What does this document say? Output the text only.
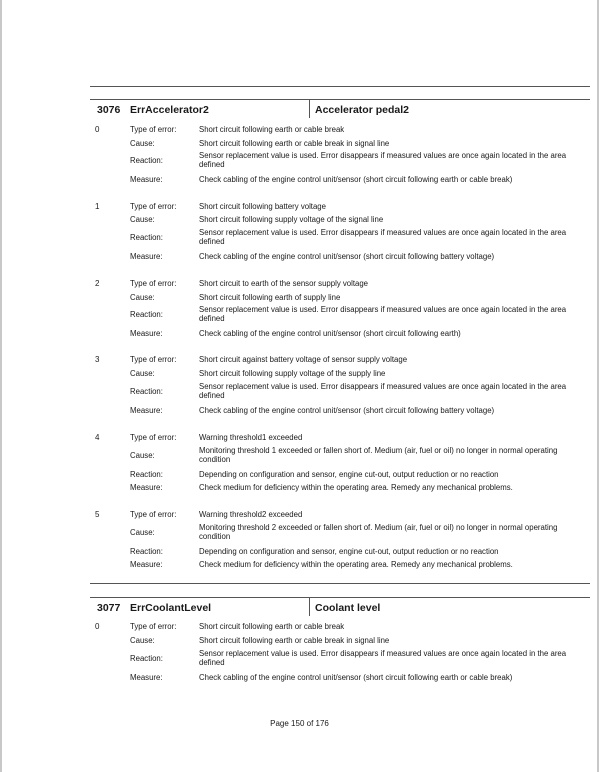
3076 ErrAccelerator2	Accelerator pedal2
0	Type of error:	Short circuit following earth or cable break
Cause:	Short circuit following earth or cable break in signal line
Reaction:
Sensor replacement value is used. Error disappears if measured values are once again located in the area defined
Measure:	Check cabling of the engine control unit/sensor (short circuit following earth or cable break)
1	Type of error:	Short circuit following battery voltage
Cause:	Short circuit following supply voltage of the signal line
Reaction:
Sensor replacement value is used. Error disappears if measured values are once again located in the area defined
Measure:	Check cabling of the engine control unit/sensor (short circuit following battery voltage)
2	Type of error:	Short circuit to earth of the sensor supply voltage
Cause:	Short circuit following earth of supply line
Reaction:
Sensor replacement value is used. Error disappears if measured values are once again located in the area defined
Measure:	Check cabling of the engine control unit/sensor (short circuit following earth)
3	Type of error:	Short circuit against battery voltage of sensor supply voltage
Cause:	Short circuit following supply voltage of the supply line
Reaction:
Sensor replacement value is used. Error disappears if measured values are once again located in the area defined
Measure:	Check cabling of the engine control unit/sensor (short circuit following battery voltage)
4	Type of error:	Warning threshold1 exceeded
Cause:
Monitoring threshold 1 exceeded or fallen short of. Medium (air, fuel or oil) no longer in normal operating condition
Reaction:	Depending on configuration and sensor, engine cut-out, output reduction or no reaction
Measure:	Check medium for deficiency within the operating area. Remedy any mechanical problems.
5	Type of error:	Warning threshold2 exceeded
Cause:
Monitoring threshold 2 exceeded or fallen short of. Medium (air, fuel or oil) no longer in normal operating condition
Reaction:	Depending on configuration and sensor, engine cut-out, output reduction or no reaction
Measure:	Check medium for deficiency within the operating area. Remedy any mechanical problems.
3077 ErrCoolantLevel	Coolant level
0	Type of error:	Short circuit following earth or cable break
Cause:	Short circuit following earth or cable break in signal line
Reaction:
Sensor replacement value is used. Error disappears if measured values are once again located in the area defined
Measure:	Check cabling of the engine control unit/sensor (short circuit following earth or cable break)
Page 150 of 176
